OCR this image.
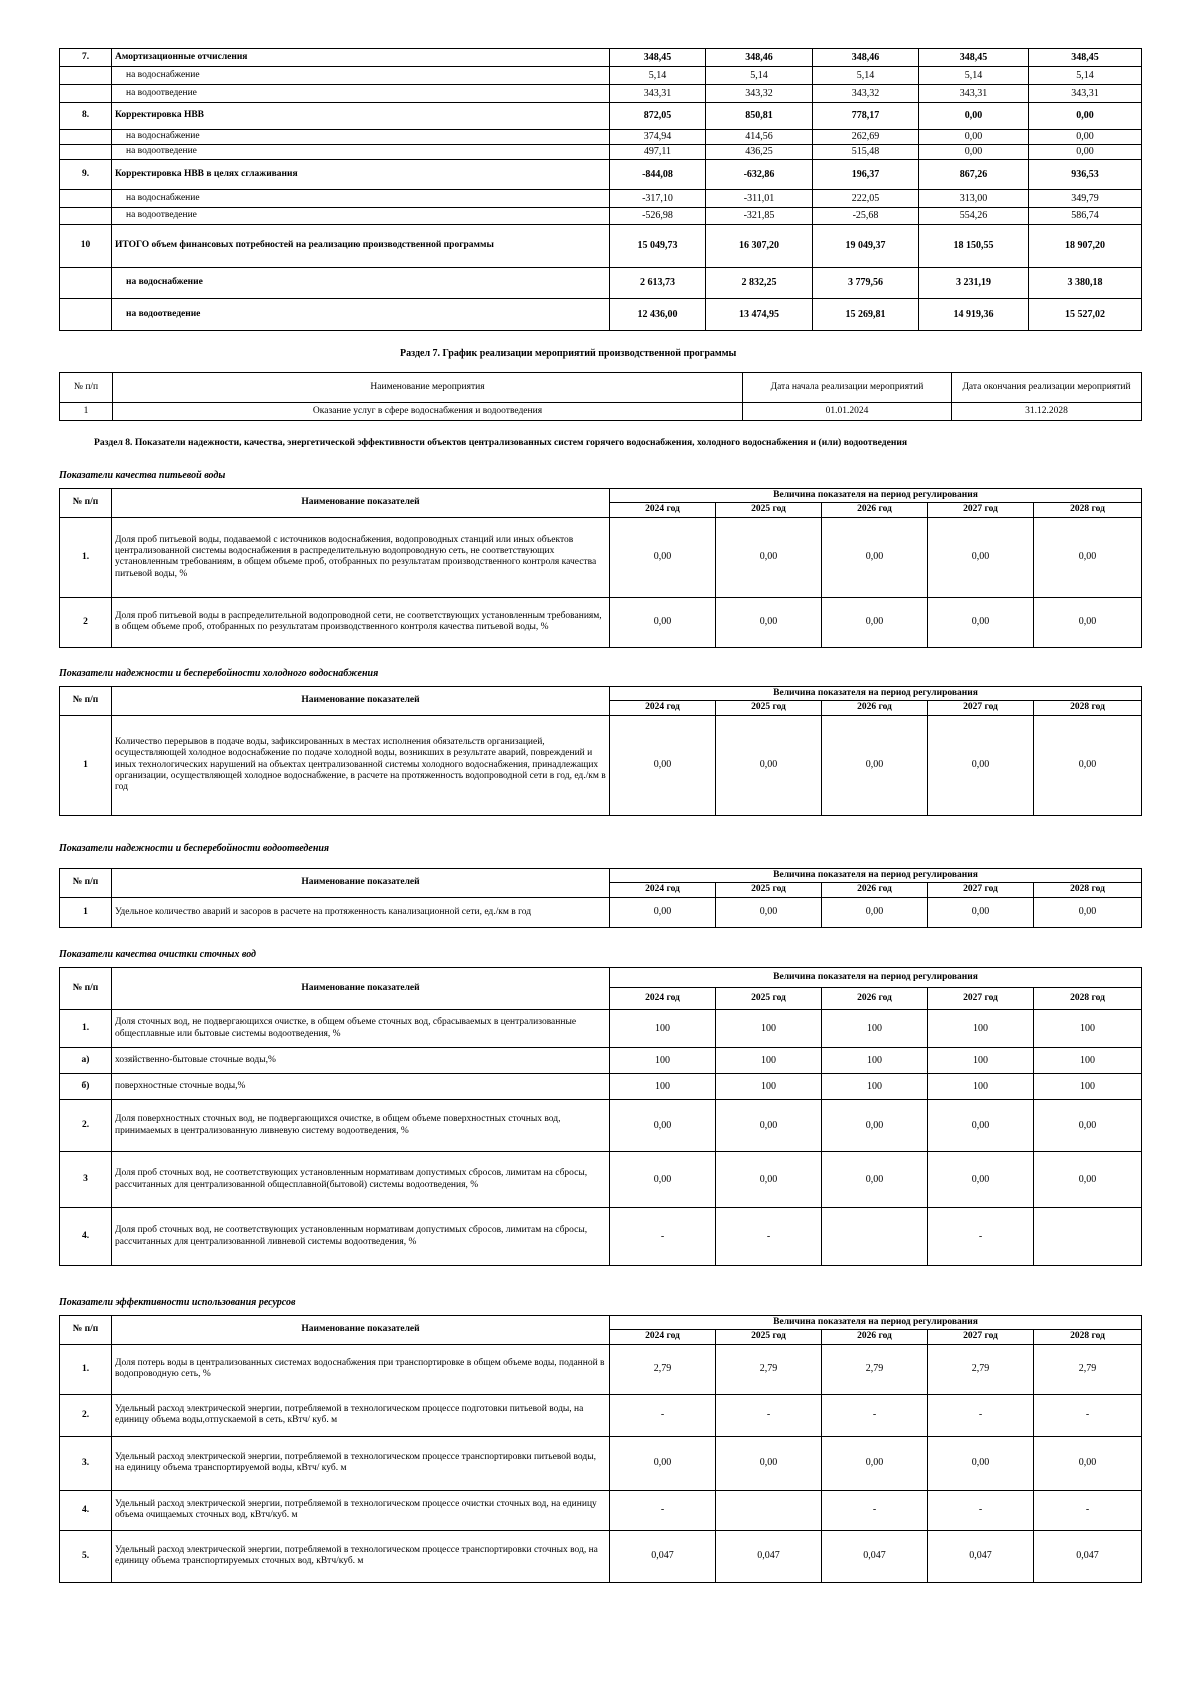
7.	Амортизационные отчисления	348,45	348,46	348,46	348,45	348,45
	на водоснабжение	5,14	5,14	5,14	5,14	5,14
	на водоотведение	343,31	343,32	343,32	343,31	343,31
8.	Корректировка НВВ	872,05	850,81	778,17	0,00	0,00
	на водоснабжение	374,94	414,56	262,69	0,00	0,00
	на водоотведение	497,11	436,25	515,48	0,00	0,00
9.	Корректировка НВВ в целях сглаживания	-844,08	-632,86	196,37	867,26	936,53
	на водоснабжение	-317,10	-311,01	222,05	313,00	349,79
	на водоотведение	-526,98	-321,85	-25,68	554,26	586,74
10	ИТОГО объем финансовых потребностей на реализацию производственной программы	15 049,73	16 307,20	19 049,37	18 150,55	18 907,20
	на водоснабжение	2 613,73	2 832,25	3 779,56	3 231,19	3 380,18
	на водоотведение	12 436,00	13 474,95	15 269,81	14 919,36	15 527,02
Раздел 7. График реализации мероприятий производственной программы
№ п/п	Наименование мероприятия	Дата начала реализации мероприятий	Дата окончания реализации мероприятий
1	Оказание услуг в сфере водоснабжения и водоотведения	01.01.2024	31.12.2028
Раздел 8. Показатели надежности, качества, энергетической эффективности объектов централизованных систем горячего водоснабжения, холодного водоснабжения и (или) водоотведения
Показатели качества питьевой воды
№ п/п	Наименование показателей	Величина показателя на период регулирования				
		2024 год	2025 год	2026 год	2027 год	2028 год
1.	Доля проб питьевой воды, подаваемой с источников водоснабжения, водопроводных станций или иных объектов централизованной системы водоснабжения в распределительную водопроводную сеть, не соответствующих установленным требованиям, в общем объеме проб, отобранных по результатам производственного контроля качества питьевой воды, %	0,00	0,00	0,00	0,00	0,00
2	Доля проб питьевой воды в распределительной водопроводной сети, не соответствующих установленным требованиям, в общем объеме проб, отобранных по результатам производственного контроля качества питьевой воды, %	0,00	0,00	0,00	0,00	0,00
Показатели надежности и бесперебойности холодного водоснабжения
№ п/п	Наименование показателей	Величина показателя на период регулирования				
		2024 год	2025 год	2026 год	2027 год	2028 год
1	Количество перерывов в подаче воды, зафиксированных в местах исполнения обязательств организацией, осуществляющей холодное водоснабжение по подаче холодной воды, возникших в результате аварий, повреждений и иных технологических нарушений на объектах централизованной системы холодного водоснабжения, принадлежащих организации, осуществляющей холодное водоснабжение, в расчете на протяженность водопроводной сети в год, ед./км в год	0,00	0,00	0,00	0,00	0,00
Показатели надежности и бесперебойности водоотведения
№ п/п	Наименование показателей	Величина показателя на период регулирования				
		2024 год	2025 год	2026 год	2027 год	2028 год
1	Удельное количество аварий и засоров в расчете на протяженность канализационной сети, ед./км в год	0,00	0,00	0,00	0,00	0,00
Показатели качества очистки сточных вод
№ п/п	Наименование показателей	Величина показателя на период регулирования				
		2024 год	2025 год	2026 год	2027 год	2028 год
1.	Доля сточных вод, не подвергающихся очистке, в общем объеме сточных вод, сбрасываемых в централизованные общесплавные или бытовые системы водоотведения, %	100	100	100	100	100
а)	хозяйственно-бытовые сточные воды,%	100	100	100	100	100
б)	поверхностные сточные воды,%	100	100	100	100	100
2.	Доля поверхностных сточных вод, не подвергающихся очистке, в общем объеме поверхностных сточных вод, принимаемых в централизованную ливневую систему водоотведения, %	0,00	0,00	0,00	0,00	0,00
3	Доля проб сточных вод, не соответствующих установленным нормативам допустимых сбросов, лимитам на сбросы, рассчитанных для централизованной общесплавной(бытовой) системы водоотведения, %	0,00	0,00	0,00	0,00	0,00
4.	Доля проб сточных вод, не соответствующих установленным нормативам допустимых сбросов, лимитам на сбросы, рассчитанных для централизованной ливневой системы водоотведения, %	-	-		-	
Показатели эффективности использования ресурсов
№ п/п	Наименование показателей	Величина показателя на период регулирования				
		2024 год	2025 год	2026 год	2027 год	2028 год
1.	Доля потерь воды в централизованных системах водоснабжения при транспортировке в общем объеме воды, поданной в водопроводную сеть, %	2,79	2,79	2,79	2,79	2,79
2.	Удельный расход электрической энергии, потребляемой в технологическом процессе подготовки питьевой воды, на единицу объема воды,отпускаемой в сеть, кВтч/ куб. м	-	-	-	-	-
3.	Удельный расход электрической энергии, потребляемой в технологическом процессе транспортировки питьевой воды, на единицу объема транспортируемой воды, кВтч/ куб. м	0,00	0,00	0,00	0,00	0,00
4.	Удельный расход электрической энергии, потребляемой в технологическом процессе очистки сточных вод, на единицу объема очищаемых сточных вод, кВтч/куб. м	-		-	-	-
5.	Удельный расход электрической энергии, потребляемой в технологическом процессе транспортировки сточных вод, на единицу объема транспортируемых сточных вод, кВтч/куб. м	0,047	0,047	0,047	0,047	0,047
